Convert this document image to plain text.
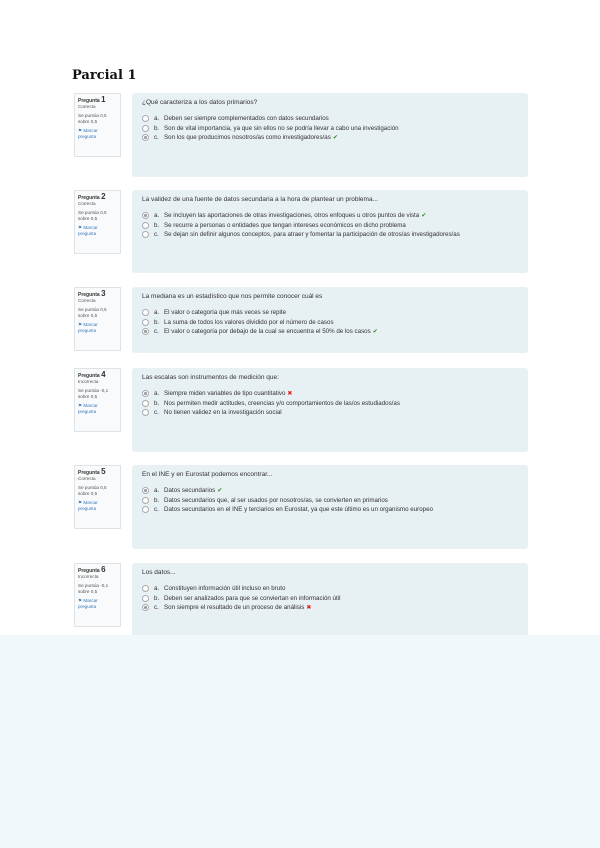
Parcial 1
Pregunta 1
Correcta
Se puntúa 0,5 sobre 0,5
⚑ Marcar pregunta
¿Qué caracteriza a los datos primarios?
a. Deben ser siempre complementados con datos secundarios
b. Son de vital importancia, ya que sin ellos no se podría llevar a cabo una investigación
c. Son los que producimos nosotros/as como investigadores/as ✔
Pregunta 2
Correcta
Se puntúa 0,5 sobre 0,5
⚑ Marcar pregunta
La validez de una fuente de datos secundaria a la hora de plantear un problema...
a. Se incluyen las aportaciones de otras investigaciones, otros enfoques u otros puntos de vista ✔
b. Se recurre a personas o entidades que tengan intereses económicos en dicho problema
c. Se dejan sin definir algunos conceptos, para atraer y fomentar la participación de otros/as investigadores/as
Pregunta 3
Correcta
Se puntúa 0,5 sobre 0,5
⚑ Marcar pregunta
La mediana es un estadístico que nos permite conocer cuál es
a. El valor o categoría que más veces se repite
b. La suma de todos los valores dividido por el número de casos
c. El valor o categoría por debajo de la cual se encuentra el 50% de los casos ✔
Pregunta 4
Incorrecta
Se puntúa -0,1 sobre 0,5
⚑ Marcar pregunta
Las escalas son instrumentos de medición que:
a. Siempre miden variables de tipo cuantitativo ✖
b. Nos permiten medir actitudes, creencias y/o comportamientos de las/os estudiados/as
c. No tienen validez en la investigación social
Pregunta 5
Correcta
Se puntúa 0,5 sobre 0,5
⚑ Marcar pregunta
En el INE y en Eurostat podemos encontrar...
a. Datos secundarios ✔
b. Datos secundarios que, al ser usados por nosotros/as, se convierten en primarios
c. Datos secundarios en el INE y terciarios en Eurostat, ya que este último es un organismo europeo
Pregunta 6
Incorrecta
Se puntúa -0,1 sobre 0,5
⚑ Marcar pregunta
Los datos...
a. Constituyen información útil incluso en bruto
b. Deben ser analizados para que se conviertan en información útil
c. Son siempre el resultado de un proceso de análisis ✖
